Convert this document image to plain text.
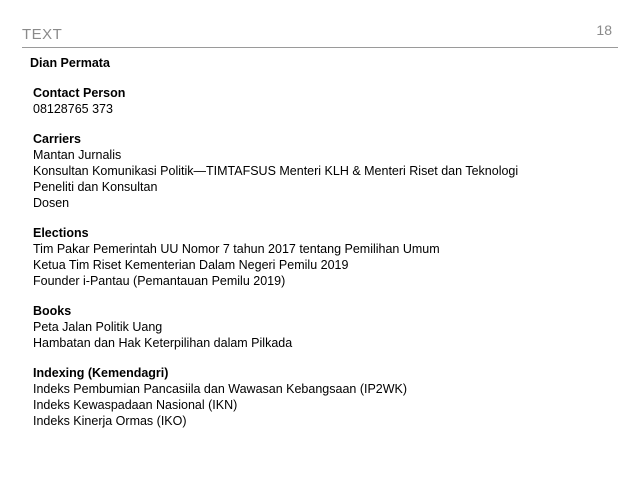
TEXT	18
Dian Permata
Contact Person
08128765 373
Carriers
Mantan Jurnalis
Konsultan Komunikasi Politik—TIMTAFSUS Menteri KLH & Menteri Riset dan Teknologi
Peneliti dan Konsultan
Dosen
Elections
Tim Pakar Pemerintah UU Nomor 7 tahun 2017 tentang Pemilihan Umum
Ketua Tim Riset Kementerian Dalam Negeri Pemilu 2019
Founder i-Pantau (Pemantauan Pemilu 2019)
Books
Peta Jalan Politik Uang
Hambatan dan Hak Keterpilihan dalam Pilkada
Indexing (Kemendagri)
Indeks Pembumian Pancasiila dan Wawasan Kebangsaan (IP2WK)
Indeks Kewaspadaan Nasional (IKN)
Indeks Kinerja Ormas (IKO)
